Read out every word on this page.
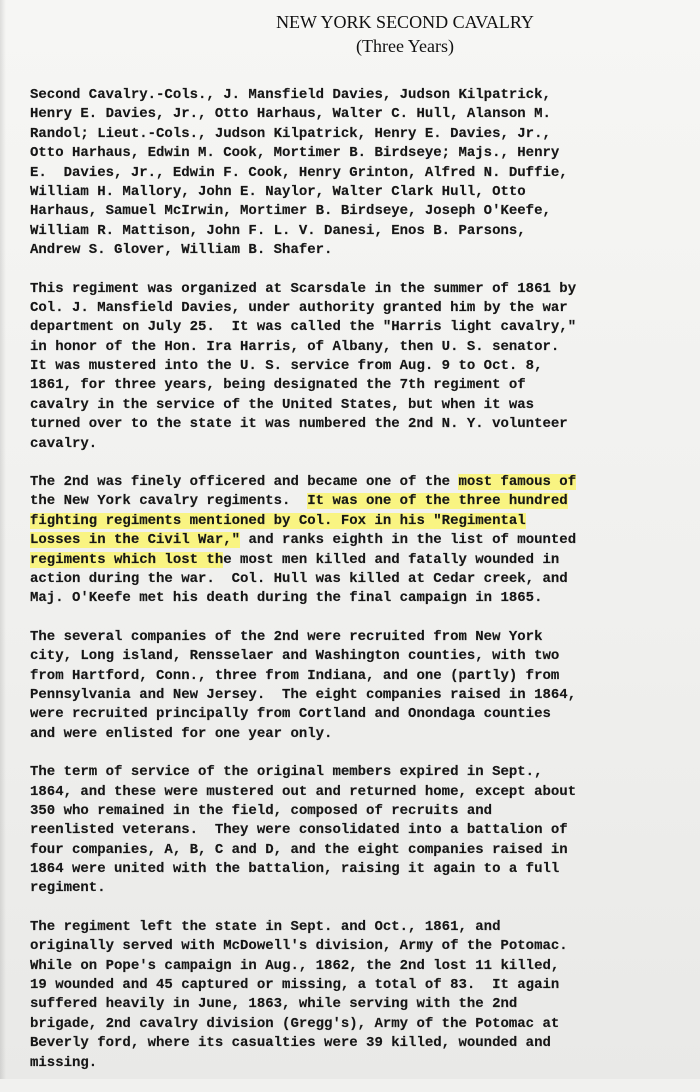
NEW YORK SECOND CAVALRY
(Three Years)
Second Cavalry.-Cols., J. Mansfield Davies, Judson Kilpatrick,
Henry E. Davies, Jr., Otto Harhaus, Walter C. Hull, Alanson M.
Randol; Lieut.-Cols., Judson Kilpatrick, Henry E. Davies, Jr.,
Otto Harhaus, Edwin M. Cook, Mortimer B. Birdseye; Majs., Henry
E.  Davies, Jr., Edwin F. Cook, Henry Grinton, Alfred N. Duffie,
William H. Mallory, John E. Naylor, Walter Clark Hull, Otto
Harhaus, Samuel McIrwin, Mortimer B. Birdseye, Joseph O'Keefe,
William R. Mattison, John F. L. V. Danesi, Enos B. Parsons,
Andrew S. Glover, William B. Shafer.
This regiment was organized at Scarsdale in the summer of 1861 by
Col. J. Mansfield Davies, under authority granted him by the war
department on July 25.  It was called the "Harris light cavalry,"
in honor of the Hon. Ira Harris, of Albany, then U. S. senator.
It was mustered into the U. S. service from Aug. 9 to Oct. 8,
1861, for three years, being designated the 7th regiment of
cavalry in the service of the United States, but when it was
turned over to the state it was numbered the 2nd N. Y. volunteer
cavalry.
The 2nd was finely officered and became one of the most famous of
the New York cavalry regiments.  It was one of the three hundred
fighting regiments mentioned by Col. Fox in his "Regimental
Losses in the Civil War," and ranks eighth in the list of mounted
regiments which lost the most men killed and fatally wounded in
action during the war.  Col. Hull was killed at Cedar creek, and
Maj. O'Keefe met his death during the final campaign in 1865.
The several companies of the 2nd were recruited from New York
city, Long island, Rensselaer and Washington counties, with two
from Hartford, Conn., three from Indiana, and one (partly) from
Pennsylvania and New Jersey.  The eight companies raised in 1864,
were recruited principally from Cortland and Onondaga counties
and were enlisted for one year only.
The term of service of the original members expired in Sept.,
1864, and these were mustered out and returned home, except about
350 who remained in the field, composed of recruits and
reenlisted veterans.  They were consolidated into a battalion of
four companies, A, B, C and D, and the eight companies raised in
1864 were united with the battalion, raising it again to a full
regiment.
The regiment left the state in Sept. and Oct., 1861, and
originally served with McDowell's division, Army of the Potomac.
While on Pope's campaign in Aug., 1862, the 2nd lost 11 killed,
19 wounded and 45 captured or missing, a total of 83.  It again
suffered heavily in June, 1863, while serving with the 2nd
brigade, 2nd cavalry division (Gregg's), Army of the Potomac at
Beverly ford, where its casualties were 39 killed, wounded and
missing.
